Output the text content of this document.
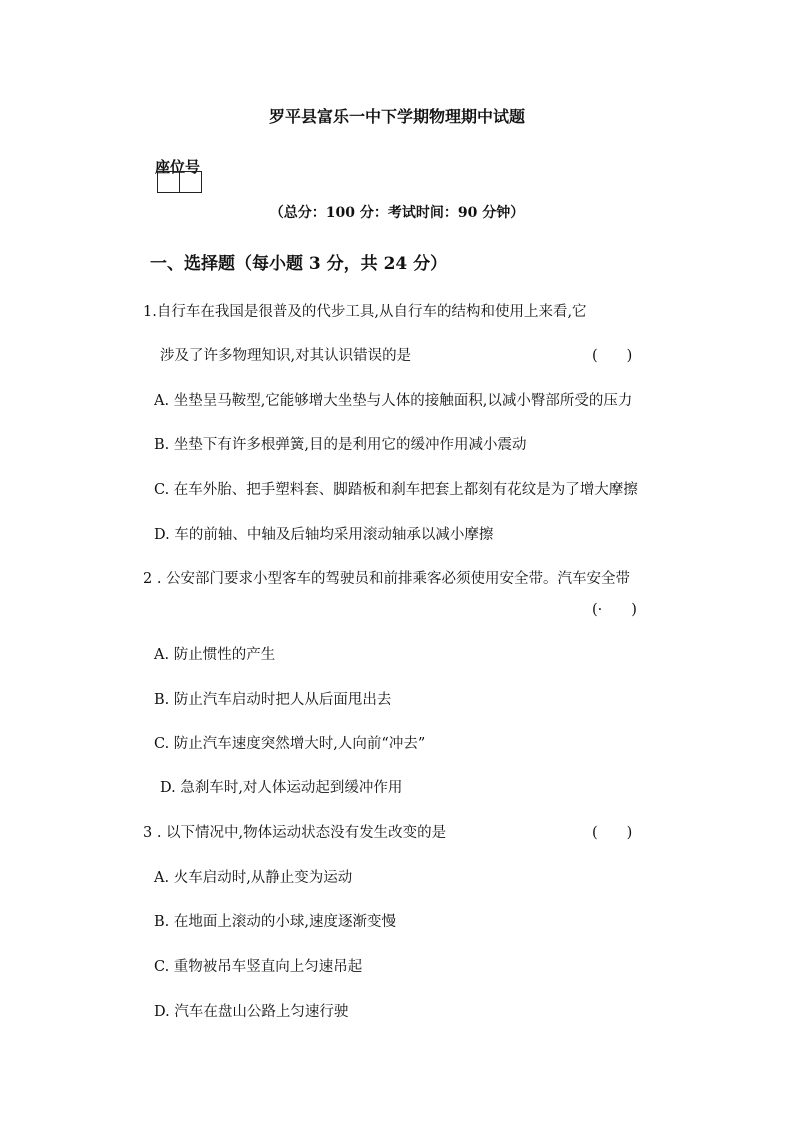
罗平县富乐一中下学期物理期中试题
座位号
（总分：100 分：考试时间：90 分钟）
一、选择题（每小题 3 分，共 24 分）
1.自行车在我国是很普及的代步工具,从自行车的结构和使用上来看,它
涉及了许多物理知识,对其认识错误的是	(　　)
A. 坐垫呈马鞍型,它能够增大坐垫与人体的接触面积,以减小臀部所受的压力
B. 坐垫下有许多根弹簧,目的是利用它的缓冲作用减小震动
C. 在车外胎、把手塑料套、脚踏板和刹车把套上都刻有花纹是为了增大摩擦
D. 车的前轴、中轴及后轴均采用滚动轴承以减小摩擦
2 . 公安部门要求小型客车的驾驶员和前排乘客必须使用安全带。汽车安全带
(·　　)
A. 防止惯性的产生
B. 防止汽车启动时把人从后面甩出去
C. 防止汽车速度突然增大时,人向前“冲去”
D. 急刹车时,对人体运动起到缓冲作用
3 . 以下情况中,物体运动状态没有发生改变的是	(　　)
A. 火车启动时,从静止变为运动
B. 在地面上滚动的小球,速度逐渐变慢
C. 重物被吊车竖直向上匀速吊起
D. 汽车在盘山公路上匀速行驶
